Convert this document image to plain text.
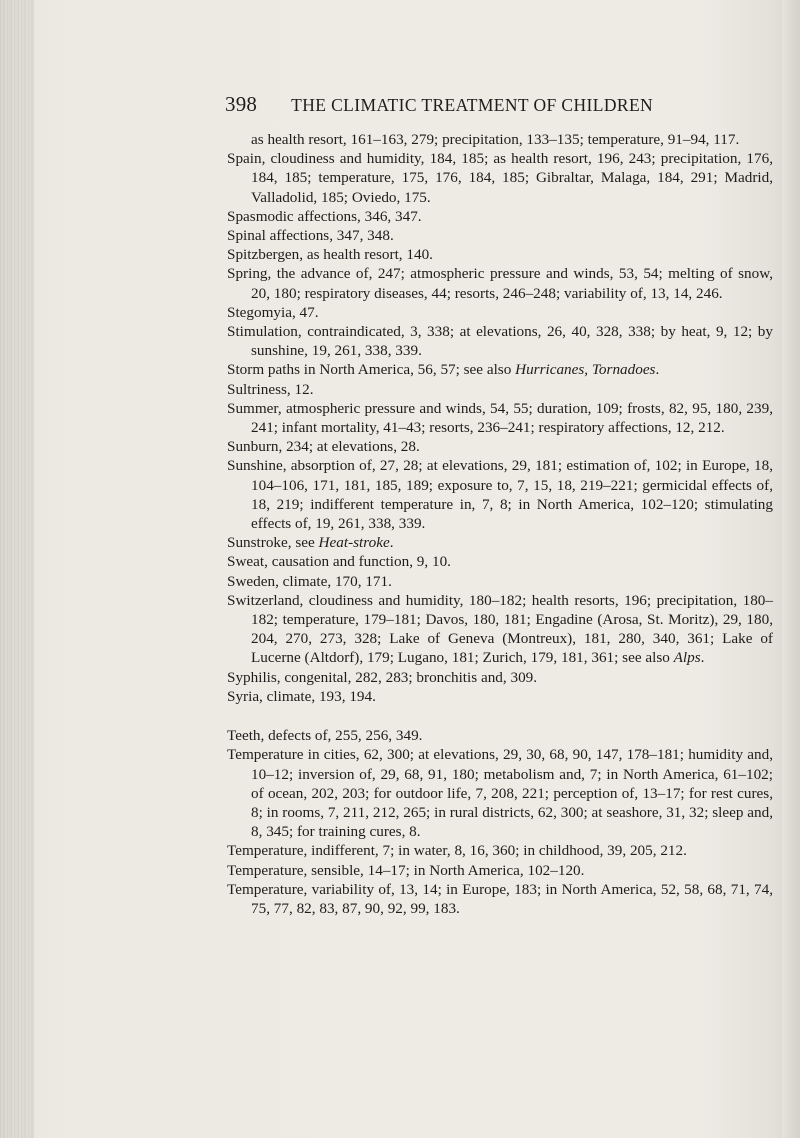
398 THE CLIMATIC TREATMENT OF CHILDREN
as health resort, 161–163, 279; precipitation, 133–135; temperature, 91–94, 117.
Spain, cloudiness and humidity, 184, 185; as health resort, 196, 243; precipitation, 176, 184, 185; temperature, 175, 176, 184, 185; Gibraltar, Malaga, 184, 291; Madrid, Valladolid, 185; Oviedo, 175.
Spasmodic affections, 346, 347.
Spinal affections, 347, 348.
Spitzbergen, as health resort, 140.
Spring, the advance of, 247; atmospheric pressure and winds, 53, 54; melting of snow, 20, 180; respiratory diseases, 44; resorts, 246–248; variability of, 13, 14, 246.
Stegomyia, 47.
Stimulation, contraindicated, 3, 338; at elevations, 26, 40, 328, 338; by heat, 9, 12; by sunshine, 19, 261, 338, 339.
Storm paths in North America, 56, 57; see also Hurricanes, Tornadoes.
Sultriness, 12.
Summer, atmospheric pressure and winds, 54, 55; duration, 109; frosts, 82, 95, 180, 239, 241; infant mortality, 41–43; resorts, 236–241; respiratory affections, 12, 212.
Sunburn, 234; at elevations, 28.
Sunshine, absorption of, 27, 28; at elevations, 29, 181; estimation of, 102; in Europe, 18, 104–106, 171, 181, 185, 189; exposure to, 7, 15, 18, 219–221; germicidal effects of, 18, 219; indifferent temperature in, 7, 8; in North America, 102–120; stimulating effects of, 19, 261, 338, 339.
Sunstroke, see Heat-stroke.
Sweat, causation and function, 9, 10.
Sweden, climate, 170, 171.
Switzerland, cloudiness and humidity, 180–182; health resorts, 196; precipitation, 180–182; temperature, 179–181; Davos, 180, 181; Engadine (Arosa, St. Moritz), 29, 180, 204, 270, 273, 328; Lake of Geneva (Montreux), 181, 280, 340, 361; Lake of Lucerne (Altdorf), 179; Lugano, 181; Zurich, 179, 181, 361; see also Alps.
Syphilis, congenital, 282, 283; bronchitis and, 309.
Syria, climate, 193, 194.
Teeth, defects of, 255, 256, 349.
Temperature in cities, 62, 300; at elevations, 29, 30, 68, 90, 147, 178–181; humidity and, 10–12; inversion of, 29, 68, 91, 180; metabolism and, 7; in North America, 61–102; of ocean, 202, 203; for outdoor life, 7, 208, 221; perception of, 13–17; for rest cures, 8; in rooms, 7, 211, 212, 265; in rural districts, 62, 300; at seashore, 31, 32; sleep and, 8, 345; for training cures, 8.
Temperature, indifferent, 7; in water, 8, 16, 360; in childhood, 39, 205, 212.
Temperature, sensible, 14–17; in North America, 102–120.
Temperature, variability of, 13, 14; in Europe, 183; in North America, 52, 58, 68, 71, 74, 75, 77, 82, 83, 87, 90, 92, 99, 183.
